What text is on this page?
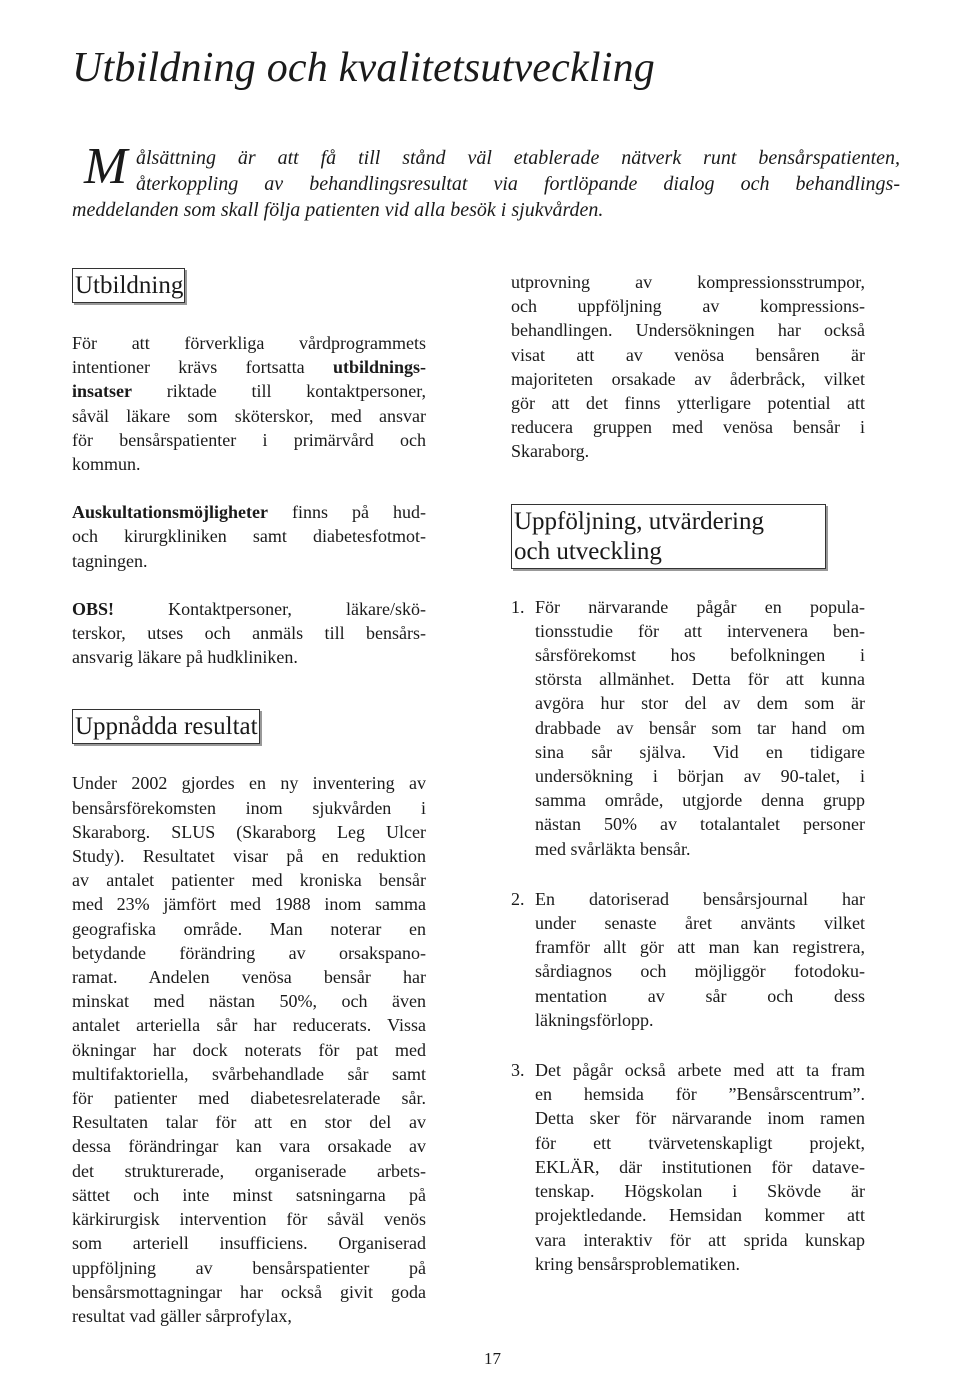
Utbildning och kvalitetsutveckling
M ålsättning är att få till stånd väl etablerade nätverk runt bensårspatienten,
återkoppling av behandlingsresultat via fortlöpande dialog och behandlings-
meddelanden som skall följa patienten vid alla besök i sjukvården.
Utbildning

För att förverkliga vårdprogrammets
intentioner krävs fortsatta utbildnings-
insatser riktade till kontaktpersoner,
såväl läkare som sköterskor, med ansvar
för bensårspatienter i primärvård och
kommun.

Auskultationsmöjligheter finns på hud-
och kirurgkliniken samt diabetesfotmot-
tagningen.

OBS! Kontaktpersoner, läkare/skö-
terskor, utses och anmäls till bensårs-
ansvarig läkare på hudkliniken.

Uppnådda resultat

Under 2002 gjordes en ny inventering av
bensårsförekomsten inom sjukvården i
Skaraborg. SLUS (Skaraborg Leg Ulcer
Study). Resultatet visar på en reduktion
av antalet patienter med kroniska bensår
med 23% jämfört med 1988 inom samma
geografiska område. Man noterar en
betydande förändring av orsakspano-
ramat. Andelen venösa bensår har
minskat med nästan 50%, och även
antalet arteriella sår har reducerats. Vissa
ökningar har dock noterats för pat med
multifaktoriella, svårbehandlade sår samt
för patienter med diabetesrelaterade sår.
Resultaten talar för att en stor del av
dessa förändringar kan vara orsakade av
det strukturerade, organiserade arbets-
sättet och inte minst satsningarna på
kärkirurgisk intervention för såväl venös
som arteriell insufficiens. Organiserad
uppföljning av bensårspatienter på
bensårsmottagningar har också givit goda
resultat vad gäller sårprofylax,

utprovning av kompressionsstrumpor,
och uppföljning av kompressions-
behandlingen. Undersökningen har också
visat att av venösa bensåren är
majoriteten orsakade av åderbråck, vilket
gör att det finns ytterligare potential att
reducera gruppen med venösa bensår i
Skaraborg.

Uppföljning, utvärdering
och utveckling
1. För närvarande pågår en popula-
tionsstudie för att intervenera ben-
sårsförekomst hos befolkningen i
största allmänhet. Detta för att kunna
avgöra hur stor del av dem som är
drabbade av bensår som tar hand om
sina sår själva. Vid en tidigare
undersökning i början av 90-talet, i
samma område, utgjorde denna grupp
nästan 50% av totalantalet personer
med svårläkta bensår.

2. En datoriserad bensårsjournal har
under senaste året använts vilket
framför allt gör att man kan registrera,
sårdiagnos och möjliggör fotodoku-
mentation av sår och dess
läkningsförlopp.

3. Det pågår också arbete med att ta fram
en hemsida för ”Bensårscentrum”.
Detta sker för närvarande inom ramen
för ett tvärvetenskapligt projekt,
EKLÄR, där institutionen för datave-
tenskap. Högskolan i Skövde är
projektledande. Hemsidan kommer att
vara interaktiv för att sprida kunskap
kring bensårsproblematiken.

17
